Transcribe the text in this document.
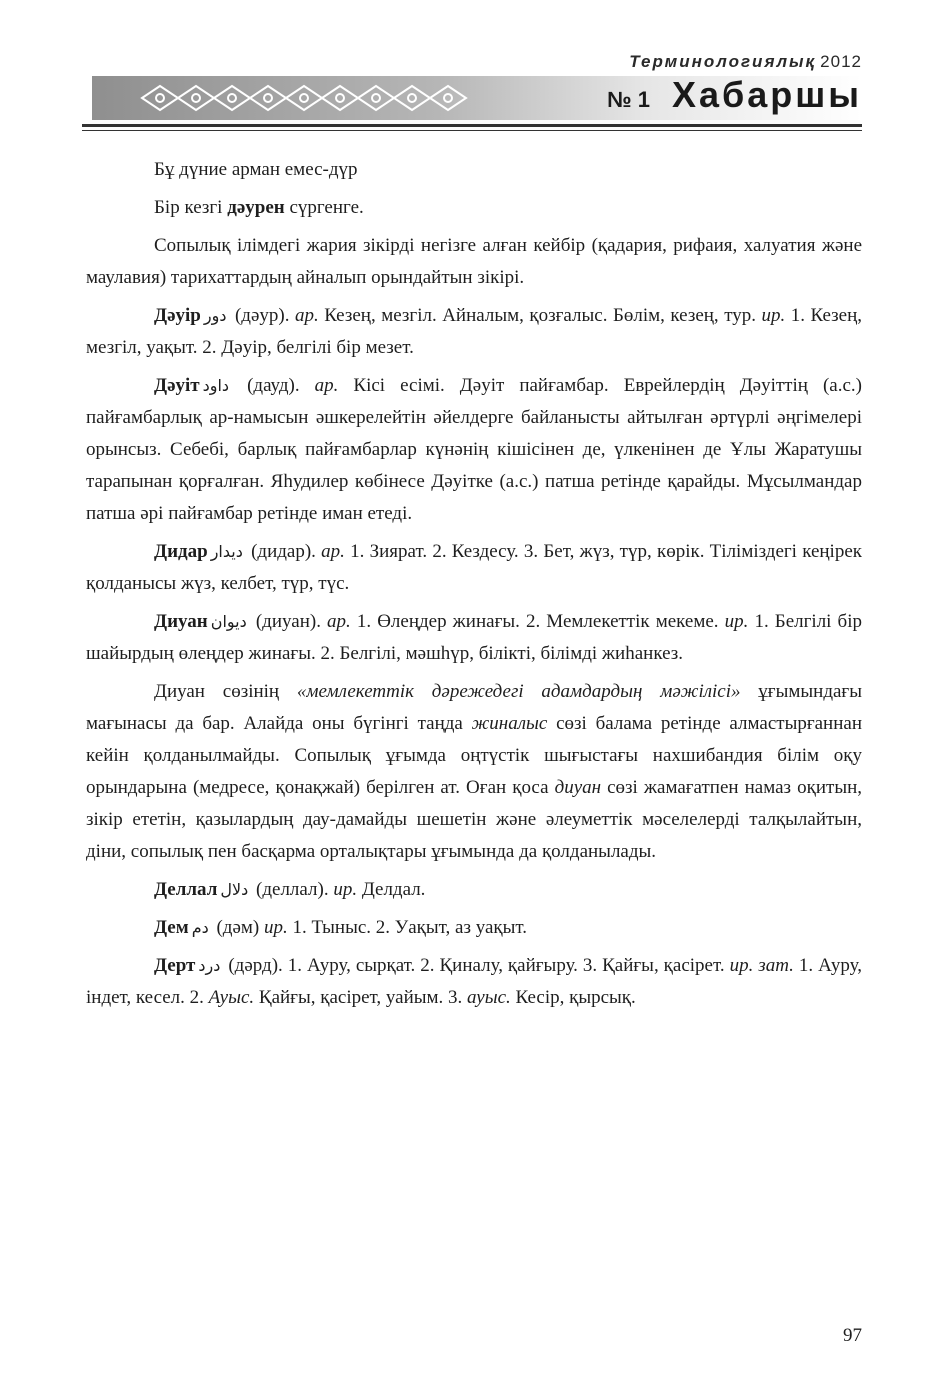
Терминологиялық 2012
№ 1 Хабаршы

Бұ дүние арман емес-дүр

Бір кезгі дәурен сүргенге.

Сопылық ілімдегі жария зікірді негізге алған кейбір (қадария, рифаия, халуатия және маулавия) тарихаттардың айналып орындайтын зікірі.

Дәуір دور (дәур). ар. Кезең, мезгіл. Айналым, қозғалыс. Бөлім, кезең, тур. ир. 1. Кезең, мезгіл, уақыт. 2. Дәуір, белгілі бір мезет.

Дәуіт داود (дауд). ар. Кісі есімі. Дәуіт пайғамбар. Еврейлердің Дәуіттің (а.с.) пайғамбарлық ар-намысын әшкерелейтін әйелдерге байланысты айтылған әртүрлі әңгімелері орынсыз. Себебі, барлық пайғамбарлар күнәнің кішісінен де, үлкенінен де Ұлы Жаратушы тарапынан қорғалған. Яһудилер көбінесе Дәуітке (а.с.) патша ретінде қарайды. Мұсылмандар патша әрі пайғамбар ретінде иман етеді.

Дидар دیدار (дидар). ар. 1. Зиярат. 2. Кездесу. 3. Бет, жүз, түр, көрік. Тіліміздегі кеңірек қолданысы жүз, келбет, түр, түс.

Диуан دیوان (диуан). ар. 1. Өлеңдер жинағы. 2. Мемлекеттік мекеме. ир. 1. Белгілі бір шайырдың өлеңдер жинағы. 2. Белгілі, мәшһүр, білікті, білімді жиһанкез.

Диуан сөзінің «мемлекеттік дәрежедегі адамдардың мәжілісі» ұғымындағы мағынасы да бар. Алайда оны бүгінгі таңда жиналыс сөзі балама ретінде алмастырғаннан кейін қолданылмайды. Сопылық ұғымда оңтүстік шығыстағы нахшибандия білім оқу орындарына (медресе, қонақжай) берілген ат. Оған қоса диуан сөзі жамағатпен намаз оқитын, зікір ететін, қазылардың дау-дамайды шешетін және әлеуметтік мәселелерді талқылайтын, діни, сопылық пен басқарма орталықтары ұғымында да қолданылады.

Деллал دلال (деллал). ир. Делдал.

Дем دم (дәм) ир. 1. Тыныс. 2. Уақыт, аз уақыт.

Дерт درد (дәрд). 1. Ауру, сырқат. 2. Қиналу, қайғыру. 3. Қайғы, қасірет. ир. зат. 1. Ауру, індет, кесел. 2. Ауыс. Қайғы, қасірет, уайым. 3. ауыс. Кесір, қырсық.

97
